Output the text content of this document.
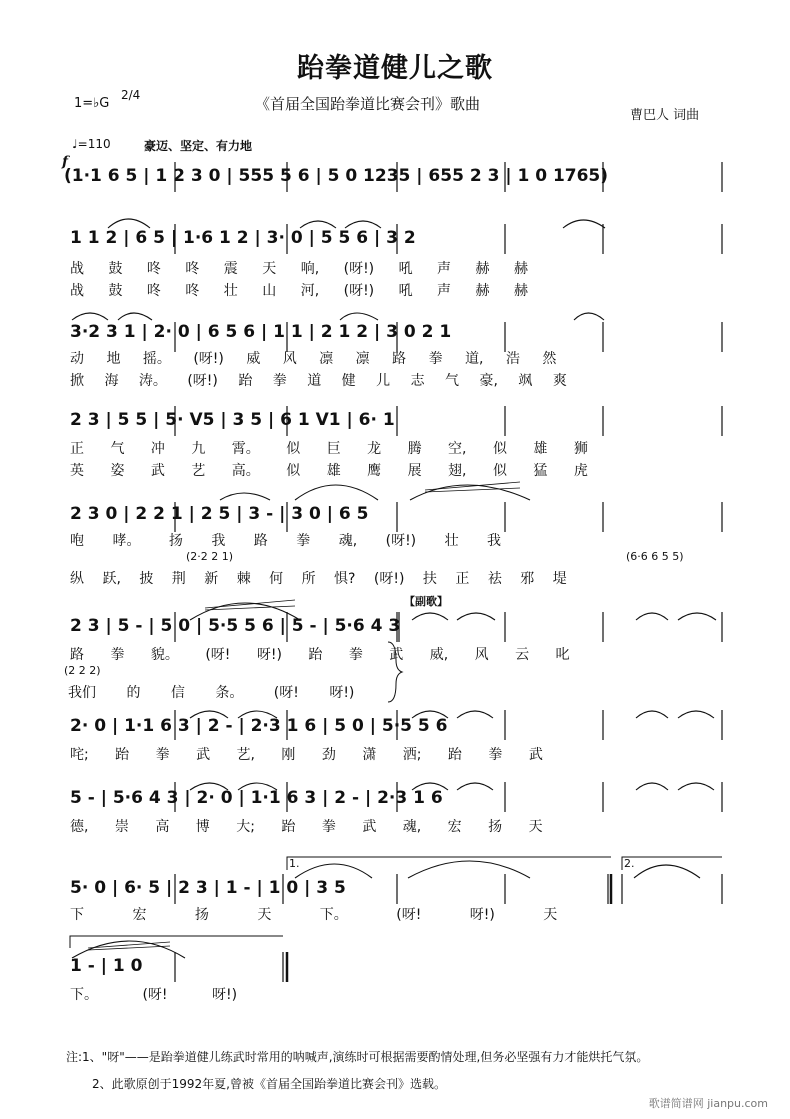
跆拳道健儿之歌
《首届全国跆拳道比赛会刊》歌曲
曹巴人 词曲
1=♭G
2/4
♩=110	豪迈、坚定、有力地
f
(1·1 6 5 | 1 2 3 0 | 555 5 6 | 5 0 1235 | 655 2 3 | 1 0 1765)
1 1 2 | 6 5 | 1·6 1 2 | 3· 0 | 5 5 6 | 3 2
战 鼓 咚 咚 震 天 响, (呀!) 吼 声 赫 赫
战 鼓 咚 咚 壮 山 河, (呀!) 吼 声 赫 赫
3·2 3 1 | 2· 0 | 6 5 6 | 1 1 | 2 1 2 | 3 0 2 1
动 地 摇。 (呀!) 威 风 凛 凛 路 拳 道, 浩 然
掀 海 涛。 (呀!) 跆 拳 道 健 儿 志 气 豪, 飒 爽
2 3 | 5 5 | 5· V5 | 3 5 | 6 1 V1 | 6· 1
正 气 冲 九 霄。 似 巨 龙 腾 空, 似 雄 狮
英 姿 武 艺 高。 似 雄 鹰 展 翅, 似 猛 虎
2 3 0 | 2 2 1 | 2 5 | 3 - | 3 0 | 6 5
咆 哮。 扬 我 路 拳 魂, (呀!) 壮 我
(2·2 2 1)	(6·6 6 5 5)
纵 跃, 披 荆 新 棘 何 所 惧? (呀!) 扶 正 祛 邪 堤
【副歌】
2 3 | 5 - | 5 0 | 5·5 5 6 | 5 - | 5·6 4 3
路 拳 貌。 (呀! 呀!) 跆 拳 武 威, 风 云 叱
(2 2 2)
我们 的 信 条。 (呀! 呀!)
2· 0 | 1·1 6 3 | 2 - | 2·3 1 6 | 5 0 | 5·5 5 6
咤; 跆 拳 武 艺, 刚 劲 潇 洒; 跆 拳 武
5 - | 5·6 4 3 | 2· 0 | 1·1 6 3 | 2 - | 2·3 1 6
德, 崇 高 博 大; 跆 拳 武 魂, 宏 扬 天
1.	2.
5· 0 | 6· 5 | 2 3 | 1 - | 1 0 | 3 5
下 宏 扬 天 下。 (呀! 呀!) 天
1 - | 1 0
下。 (呀! 呀!)
注:1、"呀"——是跆拳道健儿练武时常用的呐喊声,演练时可根据需要酌情处理,但务必坚强有力才能烘托气氛。
2、此歌原创于1992年夏,曾被《首届全国跆拳道比赛会刊》选载。
歌谱简谱网 jianpu.com
